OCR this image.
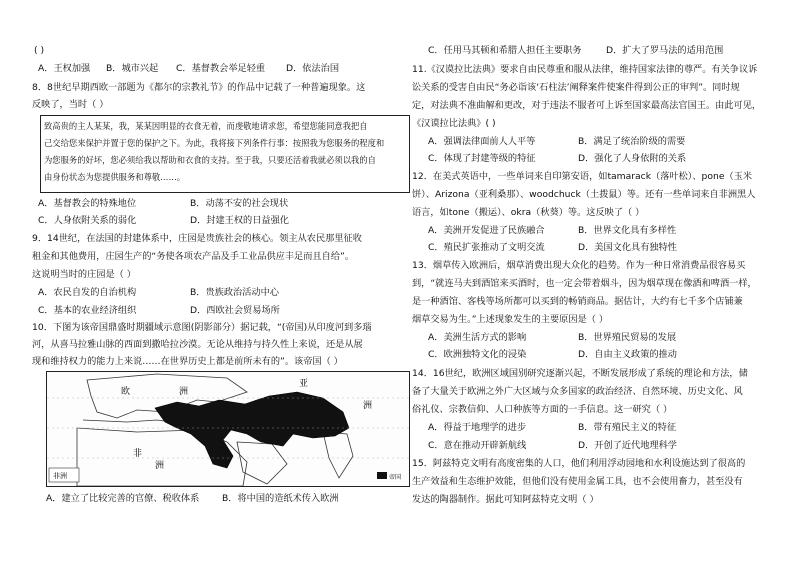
( )
A．王权加强	B．城市兴起	C．基督教会举足轻重	D．依法治国
8．8世纪早期西欧一部题为《都尔的宗教礼节》的作品中记载了一种普遍现象。这
反映了，当时（ ）
致高贵的主人某某，我，某某因明显的衣食无着，而虔敬地请求您，希望您能同意我把自
己交给您来保护并置于您的保护之下。为此，我将接下列条件行事：按照我为您服务的程度和
为您服务的好坏，您必须给我以帮助和衣食的支持。至于我，只要还活着我就必须以我的自
由身份状态为您提供服务和尊敬……。
A．基督教会的特殊地位	B．动荡不安的社会现状
C．人身依附关系的弱化	D．封建王权的日益强化
9．14世纪，在法国的封建体系中，庄园是贵族社会的核心。领主从农民那里征收
租金和其他费用，庄园生产的“务使各项农产品及手工业品供应丰足而且自给”。
这说明当时的庄园是（ ）
A．农民自发的自治机构	B．贵族政治活动中心
C．基本的农业经济组织	D．西欧社会贸易场所
10．下图为该帝国鼎盛时期疆域示意图(阴影部分）据记载，“(帝国)从印度河到多瑙
河，从喜马拉雅山脉的西面到撒哈拉沙漠。无论从维持与持久性上来说，还是从展
现和维持权力的能力上来说……在世界历史上都是前所未有的”。该帝国（ ）
欧	洲
亚
洲
非
洲
非洲	帝国
A．建立了比较完善的官僚、税收体系	B．将中国的造纸术传入欧洲
C．任用马其顿和希腊人担任主要职务	D．扩大了罗马法的适用范围
11.《汉谟拉比法典》要求自由民尊重和服从法律，维持国家法律的尊严。有关争议诉
讼关系的受害自由民“务必诣该‘石柱法’阐释案件使案件得到公正的审判”。同时规
定，对法典不准曲解和更改，对于违法不服者可上诉至国家最高法官国王。由此可见，
《汉谟拉比法典》( )
A．强调法律面前人人平等	B．满足了统治阶级的需要
C．体现了封建等级的特征	D．强化了人身依附的关系
12．在美式英语中，一些单词来自印第安语，如tamarack（落叶松）、pone（玉米
饼）、Arizona（亚利桑那）、woodchuck（土拨鼠）等。还有一些单词来自非洲黑人
语言，如tone（搬运）、okra（秋葵）等。这反映了（ ）
A．美洲开发促进了民族融合	B．世界文化具有多样性
C．殖民扩张推动了文明交流	D．美国文化具有独特性
13．烟草传入欧洲后，烟草消费出现大众化的趋势。作为一种日常消费品很容易买
到，“就连马夫到酒馆来买酒时，也一定会带着烟斗，因为烟草现在像酒和啤酒一样，
是一种酒馆、客栈等场所都可以买到的畅销商品。据估计，大约有七千多个店铺兼
烟草交易为生。”上述现象发生的主要原因是（ ）
A．美洲生活方式的影响	B．世界殖民贸易的发展
C．欧洲独特文化的浸染	D．自由主义政策的推动
14．16世纪，欧洲区域国别研究逐渐兴起，不断发展形成了系统的理论和方法，储
备了大量关于欧洲之外广大区域与众多国家的政治经济、自然环境、历史文化、风
俗礼仪、宗教信仰、人口种族等方面的一手信息。这一研究（ ）
A．得益于地理学的进步	B．带有殖民主义的特征
C．意在推动开辟新航线	D．开创了近代地理科学
15．阿兹特克文明有高度密集的人口，他们利用浮动园地和水利设施达到了很高的
生产效益和生态维护效能，但他们没有使用金属工具，也不会使用畜力，甚至没有
发达的陶器制作。据此可知阿兹特克文明（ ）
